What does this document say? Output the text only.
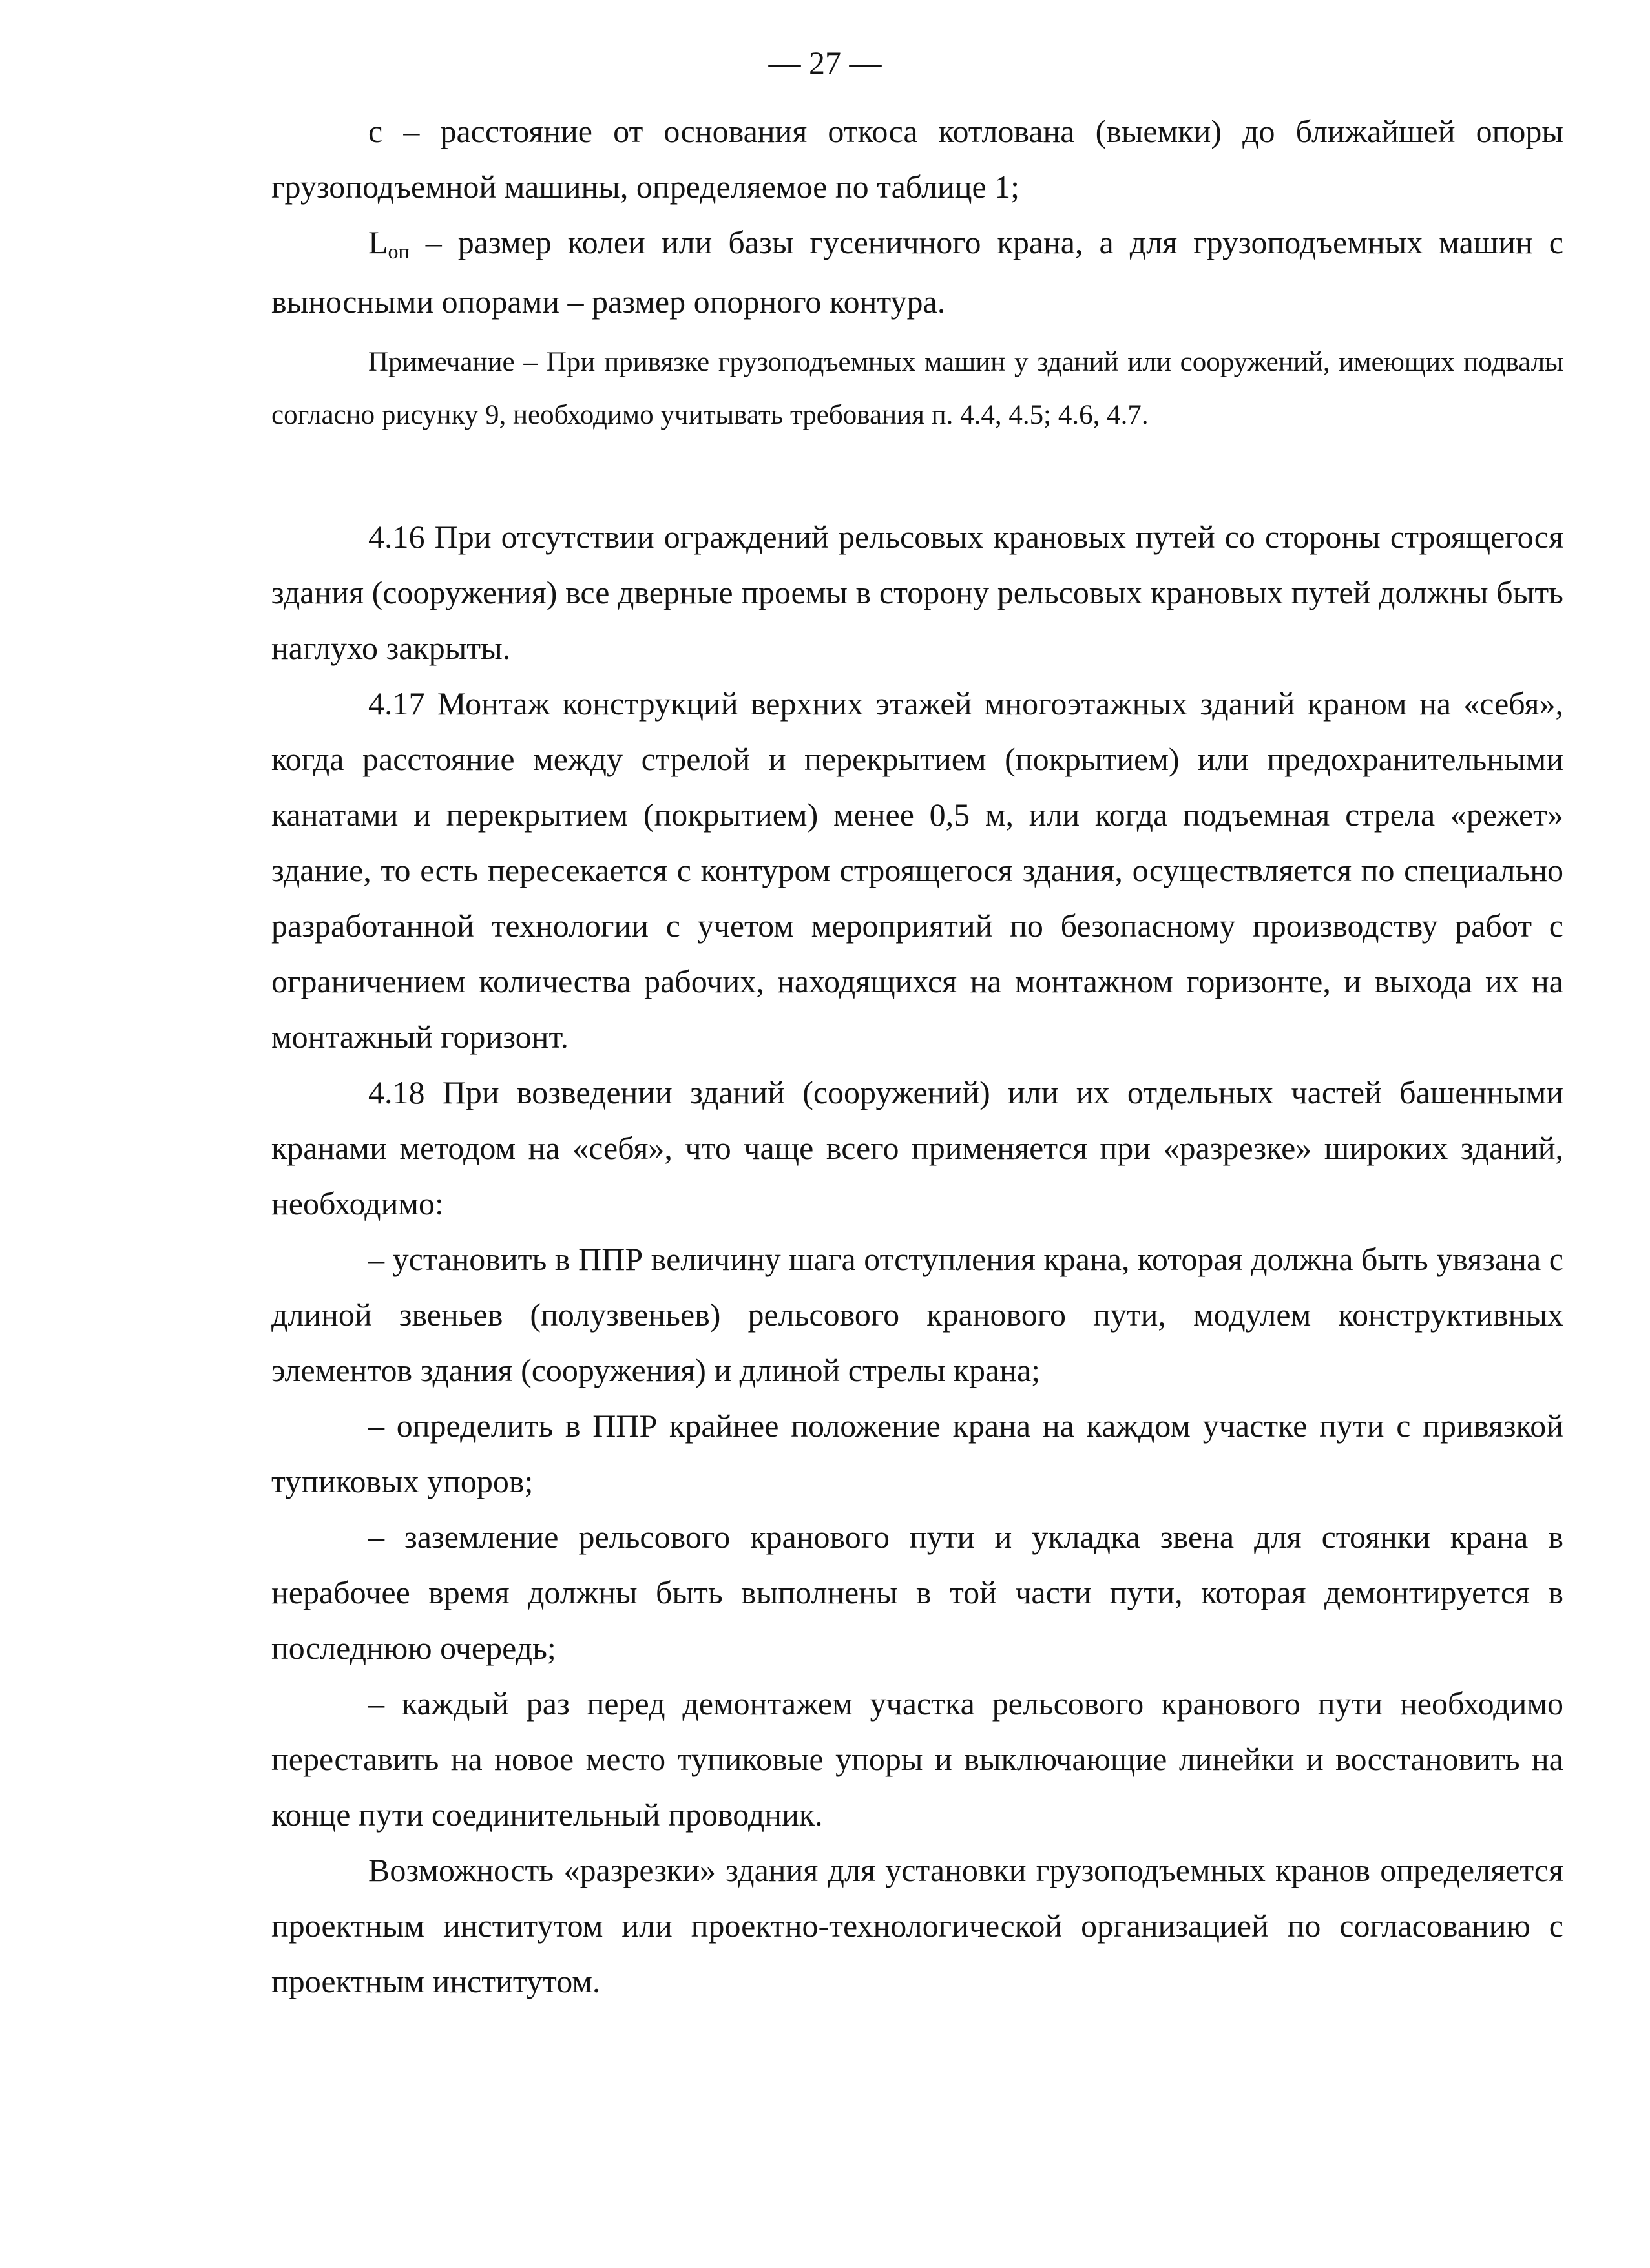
— 27 —

с – расстояние от основания откоса котлована (выемки) до ближайшей опоры грузоподъемной машины, определяемое по таблице 1;

$L_{оп}$ – размер колеи или базы гусеничного крана, а для грузоподъемных машин с выносными опорами – размер опорного контура.

Примечание – При привязке грузоподъемных машин у зданий или сооружений, имеющих подвалы согласно рисунку 9, необходимо учитывать требования п. 4.4, 4.5; 4.6, 4.7.

4.16 При отсутствии ограждений рельсовых крановых путей со стороны строящегося здания (сооружения) все дверные проемы в сторону рельсовых крановых путей должны быть наглухо закрыты.

4.17 Монтаж конструкций верхних этажей многоэтажных зданий краном на «себя», когда расстояние между стрелой и перекрытием (покрытием) или предохранительными канатами и перекрытием (покрытием) менее 0,5 м, или когда подъемная стрела «режет» здание, то есть пересекается с контуром строящегося здания, осуществляется по специально разработанной технологии с учетом мероприятий по безопасному производству работ с ограничением количества рабочих, находящихся на монтажном горизонте, и выхода их на монтажный горизонт.

4.18 При возведении зданий (сооружений) или их отдельных частей башенными кранами методом на «себя», что чаще всего применяется при «разрезке» широких зданий, необходимо:

– установить в ППР величину шага отступления крана, которая должна быть увязана с длиной звеньев (полузвеньев) рельсового кранового пути, модулем конструктивных элементов здания (сооружения) и длиной стрелы крана;

– определить в ППР крайнее положение крана на каждом участке пути с привязкой тупиковых упоров;

– заземление рельсового кранового пути и укладка звена для стоянки крана в нерабочее время должны быть выполнены в той части пути, которая демонтируется в последнюю очередь;

– каждый раз перед демонтажем участка рельсового кранового пути необходимо переставить на новое место тупиковые упоры и выключающие линейки и восстановить на конце пути соединительный проводник.

Возможность «разрезки» здания для установки грузоподъемных кранов определяется проектным институтом или проектно-технологической организацией по согласованию с проектным институтом.
